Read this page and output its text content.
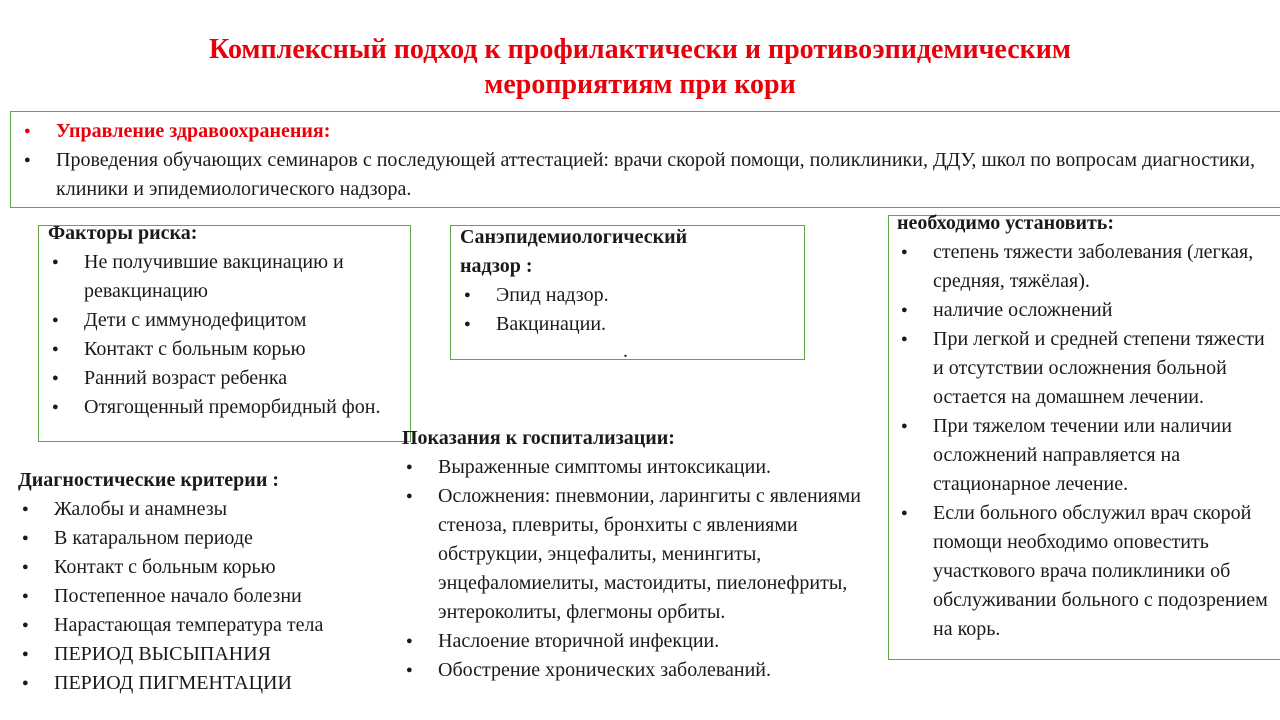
Комплексный подход к профилактически и противоэпидемическим
мероприятиям при кори
● Управление здравоохранения:
● Проведения обучающих семинаров с последующей аттестацией: врачи скорой помощи, поликлиники, ДДУ, школ по вопросам диагностики, клиники и эпидемиологического надзора.
Факторы риска:
● Не получившие вакцинацию и ревакцинацию
● Дети с иммунодефицитом
● Контакт с больным корью
● Ранний возраст ребенка
● Отягощенный преморбидный фон.
Санэпидемиологический
надзор :
● Эпид надзор.
● Вакцинации.
.
необходимо установить:
● степень тяжести заболевания (легкая, средняя, тяжёлая).
● наличие осложнений
● При легкой и средней степени тяжести и отсутствии осложнения больной остается на домашнем лечении.
● При тяжелом течении или наличии осложнений направляется на стационарное лечение.
● Если больного обслужил врач скорой помощи необходимо оповестить участкового врача поликлиники об обслуживании больного с подозрением на корь.
Диагностические критерии :
● Жалобы и анамнезы
● В катаральном периоде
● Контакт с больным корью
● Постепенное начало болезни
● Нарастающая температура тела
● ПЕРИОД ВЫСЫПАНИЯ
● ПЕРИОД ПИГМЕНТАЦИИ
Показания к госпитализации:
● Выраженные симптомы интоксикации.
● Осложнения: пневмонии, ларингиты с явлениями стеноза, плевриты, бронхиты с явлениями обструкции, энцефалиты, менингиты, энцефаломиелиты, мастоидиты, пиелонефриты, энтероколиты, флегмоны орбиты.
● Наслоение вторичной инфекции.
● Обострение хронических заболеваний.
